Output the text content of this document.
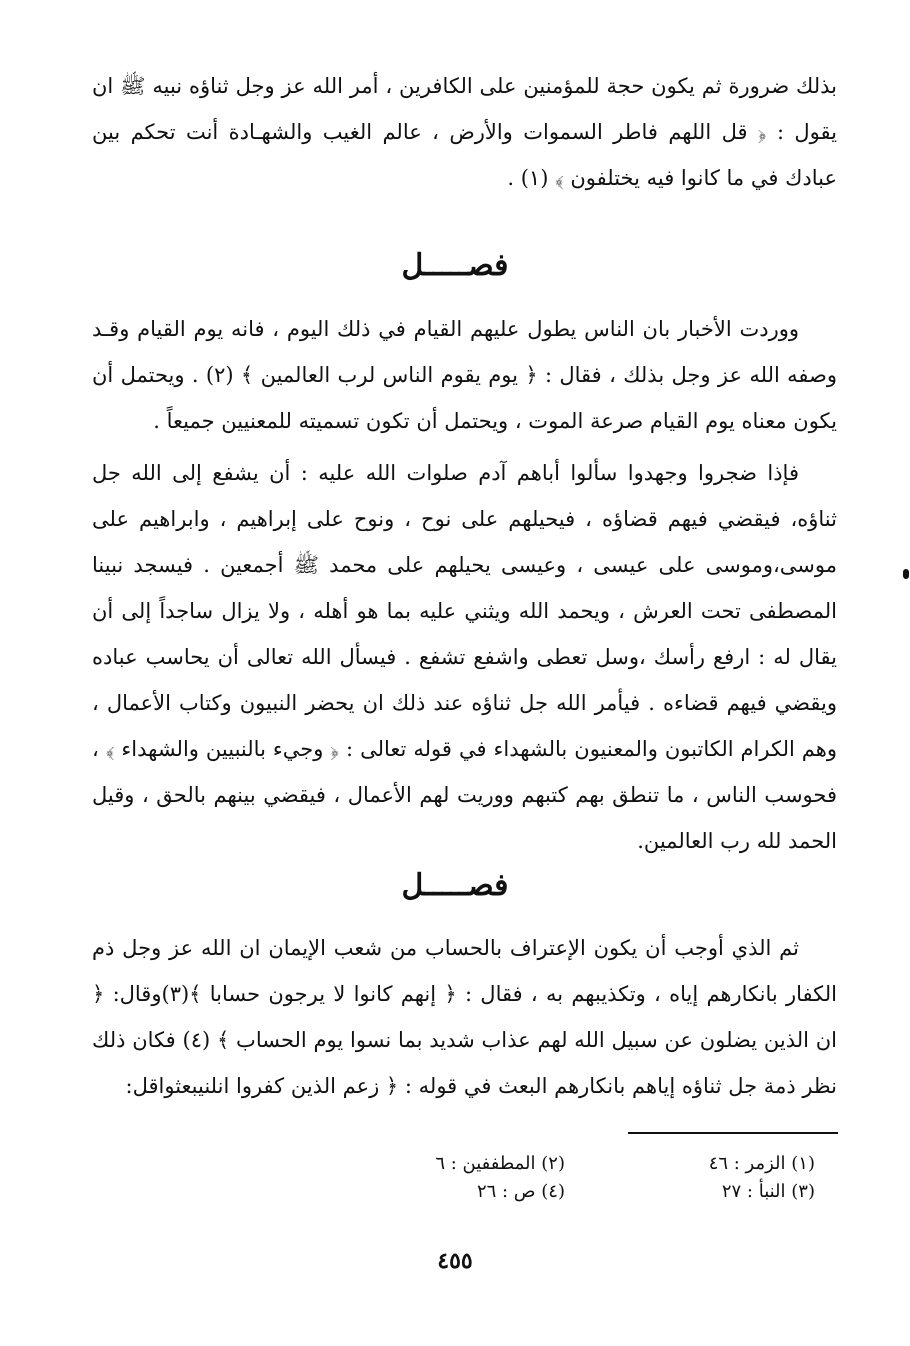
بذلك ضرورة ثم يكون حجة للمؤمنين على الكافرين ، أمر الله عز وجل ثناؤه نبيه ﷺ ان يقول : ﴿ قل اللهم فاطر السموات والأرض ، عالم الغيب والشهـادة أنت تحكم بين عبادك في ما كانوا فيه يختلفون ﴾ (١) .

فصـــــل

ووردت الأخبار بان الناس يطول عليهم القيام في ذلك اليوم ، فانه يوم القيام وقـد وصفه الله عز وجل بذلك ، فقال : ﴿ يوم يقوم الناس لرب العالمين ﴾ (٢) . ويحتمل أن يكون معناه يوم القيام صرعة الموت ، ويحتمل أن تكون تسميته للمعنيين جميعاً .

فإذا ضجروا وجهدوا سألوا أباهم آدم صلوات الله عليه : أن يشفع إلى الله جل ثناؤه، فيقضي فيهم قضاؤه ، فيحيلهم على نوح ، ونوح على إبراهيم ، وابراهيم على موسى،وموسى على عيسى ، وعيسى يحيلهم على محمد ﷺ أجمعين . فيسجد نبينا المصطفى تحت العرش ، ويحمد الله ويثني عليه بما هو أهله ، ولا يزال ساجداً إلى أن يقال له : ارفع رأسك ،وسل تعطى واشفع تشفع . فيسأل الله تعالى أن يحاسب عباده ويقضي فيهم قضاءه . فيأمر الله جل ثناؤه عند ذلك ان يحضر النبيون وكتاب الأعمال ، وهم الكرام الكاتبون والمعنيون بالشهداء في قوله تعالى : ﴿ وجيء بالنبيين والشهداء ﴾ ، فحوسب الناس ، ما تنطق بهم كتبهم ووريت لهم الأعمال ، فيقضي بينهم بالحق ، وقيل الحمد لله رب العالمين.

فصـــــل

ثم الذي أوجب أن يكون الإعتراف بالحساب من شعب الإيمان ان الله عز وجل ذم الكفار بانكارهم إياه ، وتكذيبهم به ، فقال : ﴿ إنهم كانوا لا يرجون حسابا ﴾(٣)وقال: ﴿ ان الذين يضلون عن سبيل الله لهم عذاب شديد بما نسوا يوم الحساب ﴾ (٤) فكان ذلك نظر ذمة جل ثناؤه إياهم بانكارهم البعث في قوله : ﴿ زعم الذين كفروا انلنيبعثواقل:

(١) الزمر : ٤٦
(٢) المطففين : ٦
(٣) النبأ : ٢٧
(٤) ص : ٢٦
٤٥٥
